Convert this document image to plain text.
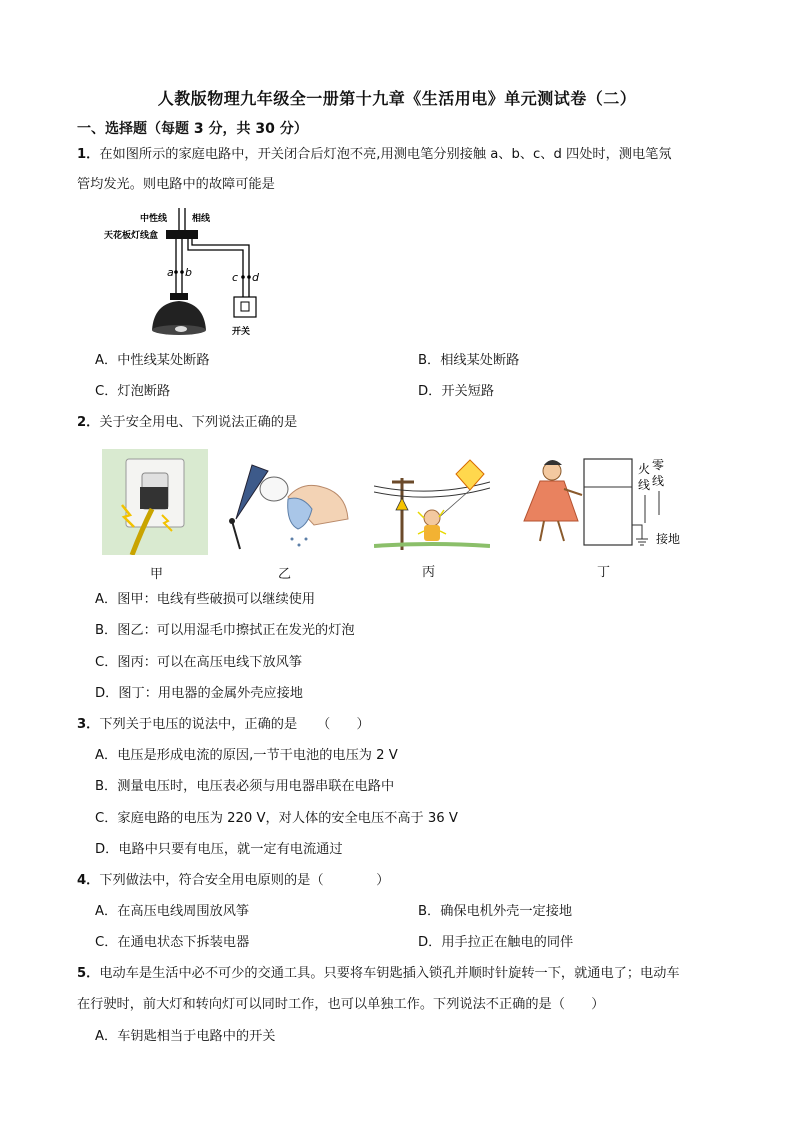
人教版物理九年级全一册第十九章《生活用电》单元测试卷（二）
一、选择题（每题 3 分，共 30 分）
1．在如图所示的家庭电路中，开关闭合后灯泡不亮,用测电笔分别接触 a、b、c、d 四处时，测电笔氖
管均发光。则电路中的故障可能是
中性线	相线
天花板灯线盒
a b	c d
开关
A．中性线某处断路	B．相线某处断路
C．灯泡断路	D．开关短路
2．关于安全用电、下列说法正确的是
火
线
零
线
接地
甲	乙	丙	丁
A．图甲：电线有些破损可以继续使用
B．图乙：可以用湿毛巾擦拭正在发光的灯泡
C．图丙：可以在高压电线下放风筝
D．图丁：用电器的金属外壳应接地
3．下列关于电压的说法中，正确的是　　（　　）
A．电压是形成电流的原因,一节干电池的电压为 2 V
B．测量电压时，电压表必须与用电器串联在电路中
C．家庭电路的电压为 220 V，对人体的安全电压不高于 36 V
D．电路中只要有电压，就一定有电流通过
4．下列做法中，符合安全用电原则的是（　　　　）
A．在高压电线周围放风筝	B．确保电机外壳一定接地
C．在通电状态下拆装电器	D．用手拉正在触电的同伴
5．电动车是生活中必不可少的交通工具。只要将车钥匙插入锁孔并顺时针旋转一下，就通电了；电动车
在行驶时，前大灯和转向灯可以同时工作，也可以单独工作。下列说法不正确的是（　　）
A．车钥匙相当于电路中的开关
